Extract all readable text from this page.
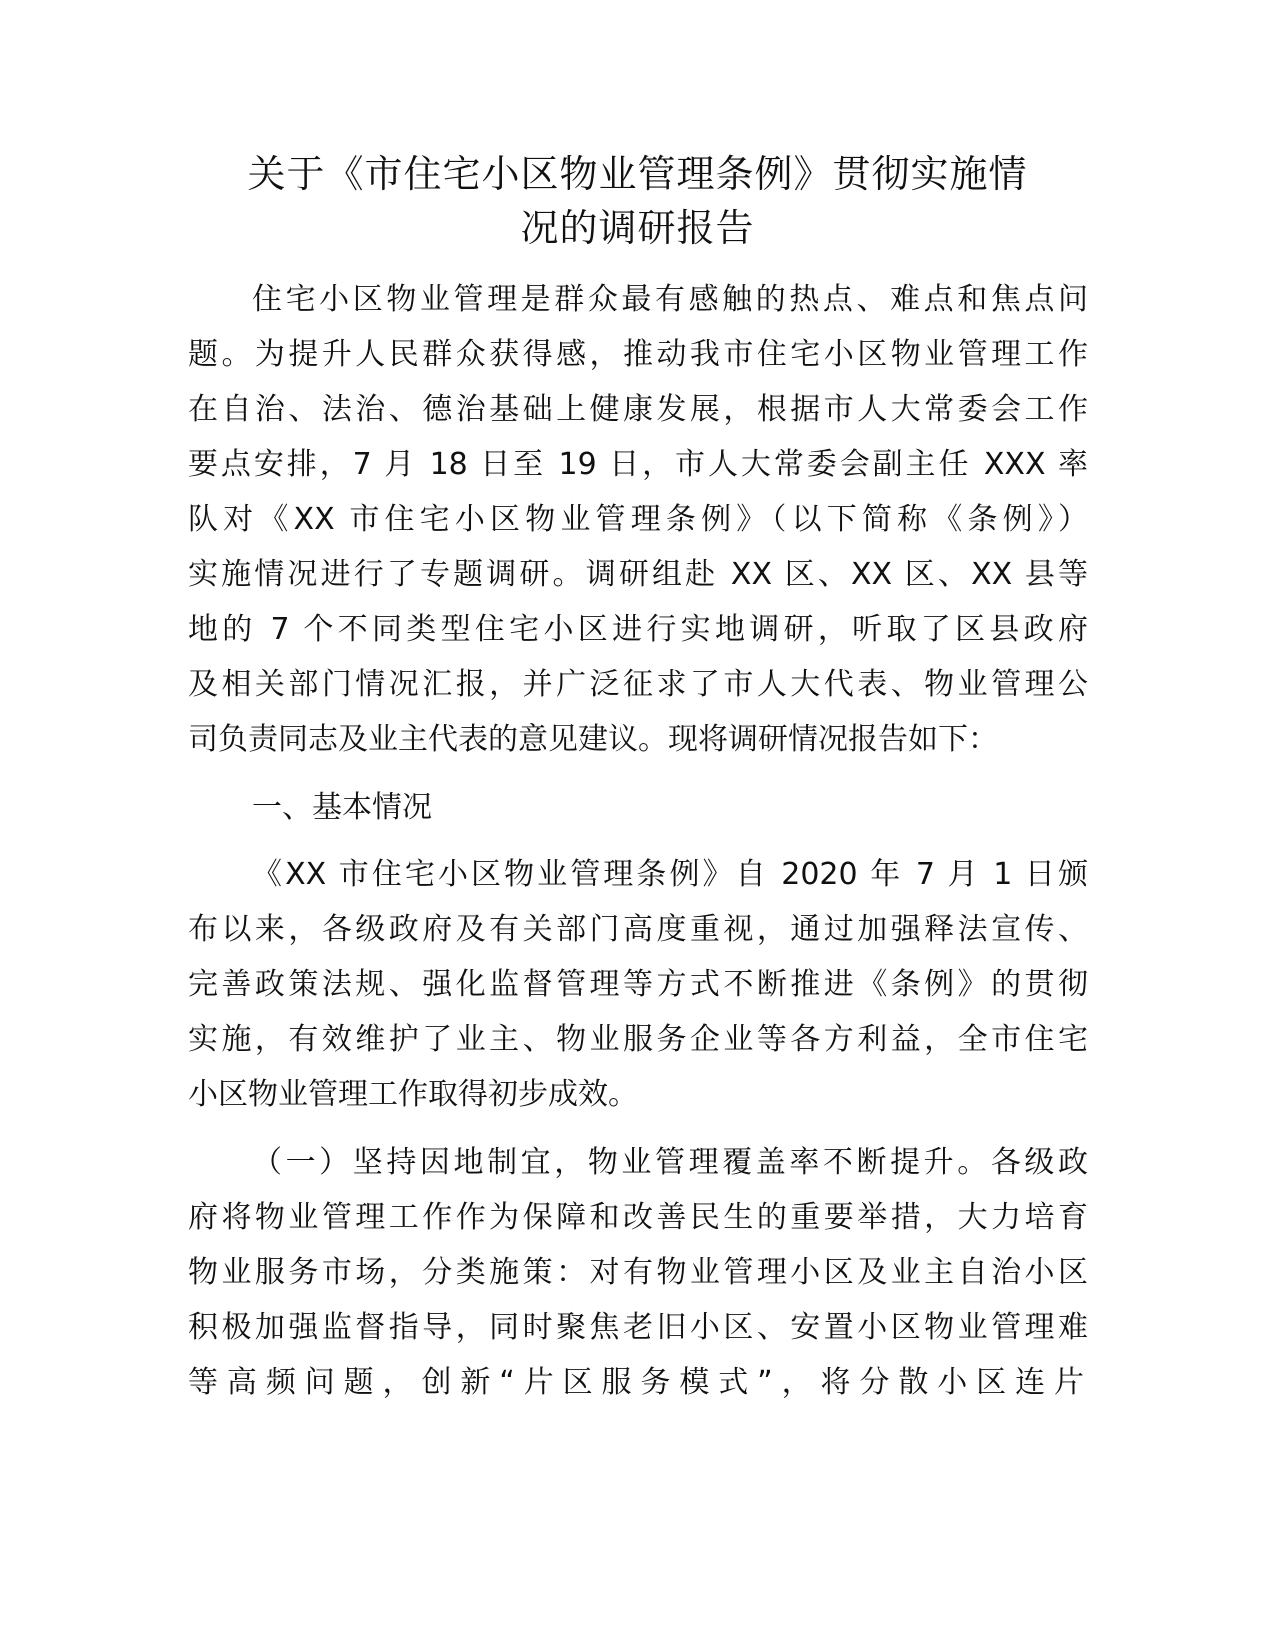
关于《市住宅小区物业管理条例》贯彻实施情
况的调研报告
住宅小区物业管理是群众最有感触的热点、难点和焦点问
题。为提升人民群众获得感，推动我市住宅小区物业管理工作
在自治、法治、德治基础上健康发展，根据市人大常委会工作
要点安排，7 月 18 日至 19 日，市人大常委会副主任 XXX 率
队对《XX 市住宅小区物业管理条例》（以下简称《条例》）
实施情况进行了专题调研。调研组赴 XX 区、XX 区、XX 县等
地的 7 个不同类型住宅小区进行实地调研，听取了区县政府
及相关部门情况汇报，并广泛征求了市人大代表、物业管理公
司负责同志及业主代表的意见建议。现将调研情况报告如下：
一、基本情况
《XX 市住宅小区物业管理条例》自 2020 年 7 月 1 日颁
布以来，各级政府及有关部门高度重视，通过加强释法宣传、
完善政策法规、强化监督管理等方式不断推进《条例》的贯彻
实施，有效维护了业主、物业服务企业等各方利益，全市住宅
小区物业管理工作取得初步成效。
（一）坚持因地制宜，物业管理覆盖率不断提升。各级政
府将物业管理工作作为保障和改善民生的重要举措，大力培育
物业服务市场，分类施策：对有物业管理小区及业主自治小区
积极加强监督指导，同时聚焦老旧小区、安置小区物业管理难
等高频问题，创新“片区服务模式”，将分散小区连片
